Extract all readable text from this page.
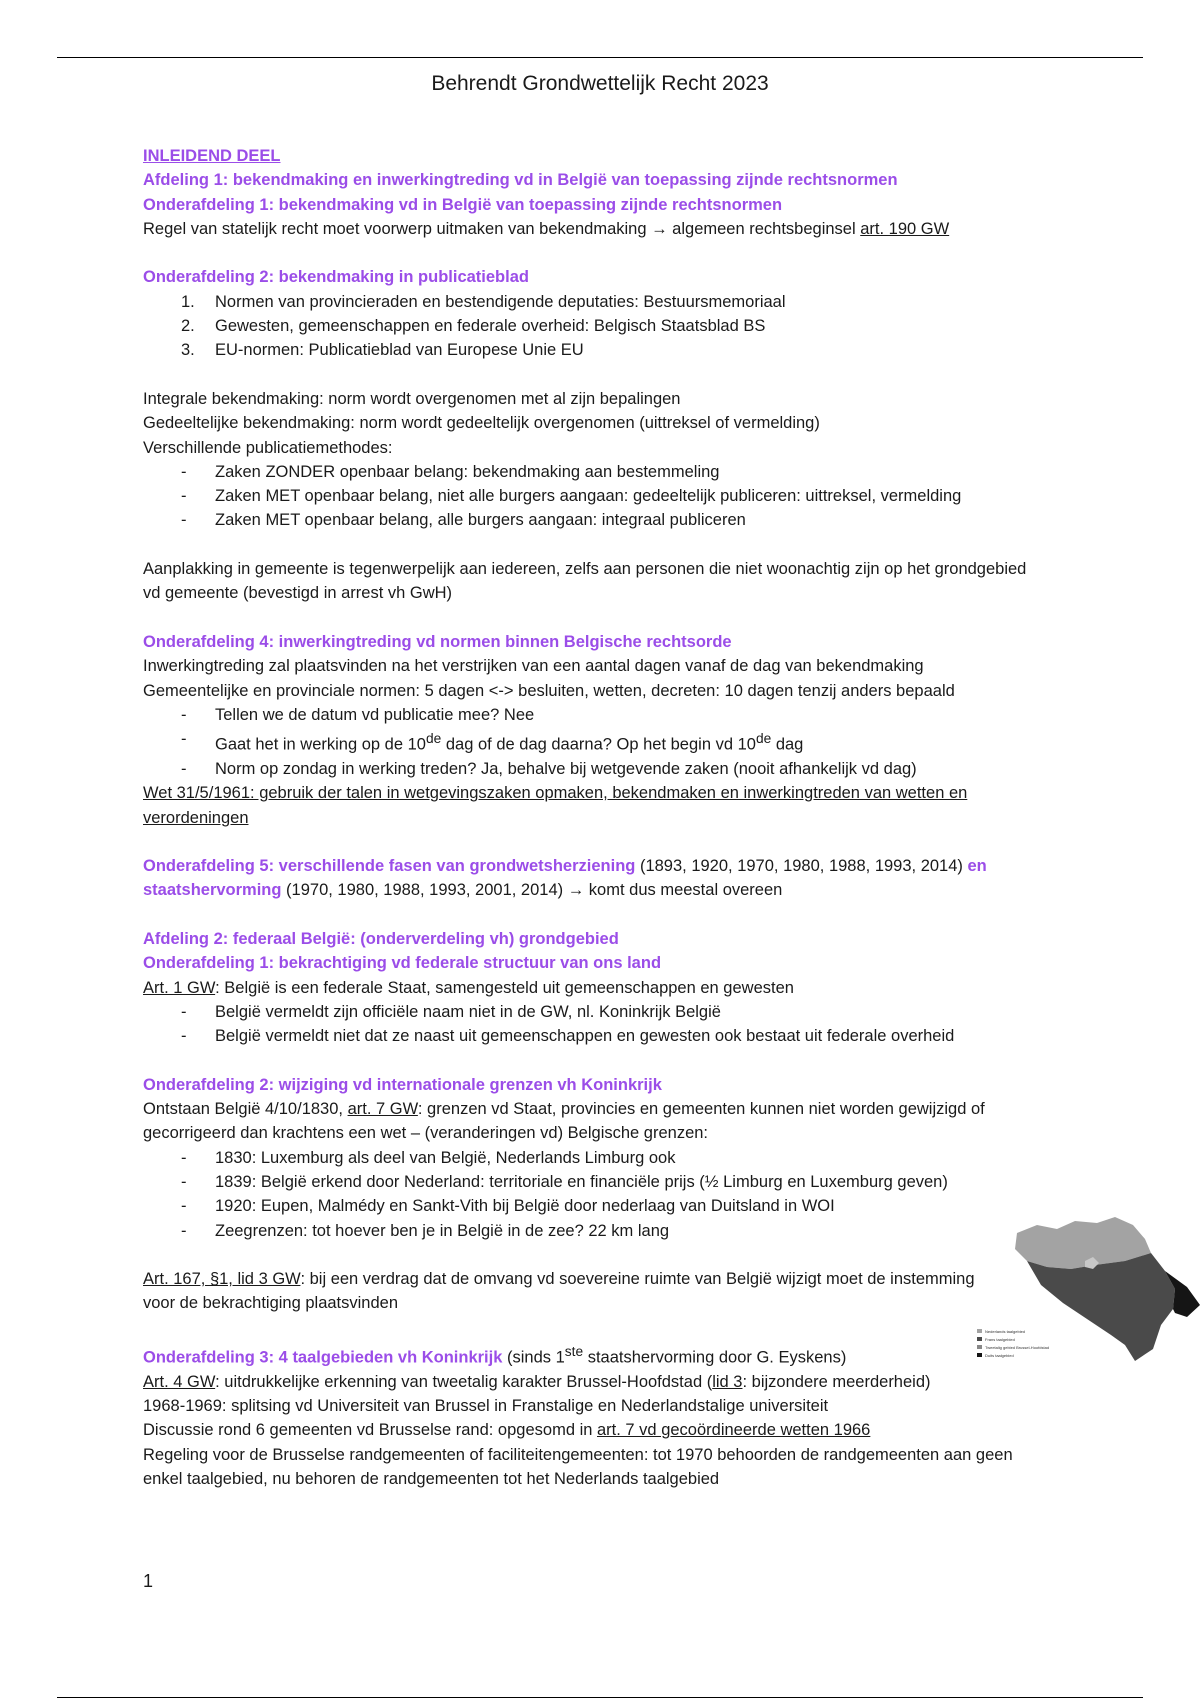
Behrendt Grondwettelijk Recht 2023

INLEIDEND DEEL

Afdeling 1: bekendmaking en inwerkingtreding vd in België van toepassing zijnde rechtsnormen

Onderafdeling 1: bekendmaking vd in België van toepassing zijnde rechtsnormen

Regel van statelijk recht moet voorwerp uitmaken van bekendmaking → algemeen rechtsbeginsel art. 190 GW

Onderafdeling 2: bekendmaking in publicatieblad

1. Normen van provincieraden en bestendigende deputaties: Bestuursmemoriaal
2. Gewesten, gemeenschappen en federale overheid: Belgisch Staatsblad BS
3. EU-normen: Publicatieblad van Europese Unie EU

Integrale bekendmaking: norm wordt overgenomen met al zijn bepalingen

Gedeeltelijke bekendmaking: norm wordt gedeeltelijk overgenomen (uittreksel of vermelding)

Verschillende publicatiemethodes:

- Zaken ZONDER openbaar belang: bekendmaking aan bestemmeling
- Zaken MET openbaar belang, niet alle burgers aangaan: gedeeltelijk publiceren: uittreksel, vermelding
- Zaken MET openbaar belang, alle burgers aangaan: integraal publiceren

Aanplakking in gemeente is tegenwerpelijk aan iedereen, zelfs aan personen die niet woonachtig zijn op het grondgebied vd gemeente (bevestigd in arrest vh GwH)

Onderafdeling 4: inwerkingtreding vd normen binnen Belgische rechtsorde

Inwerkingtreding zal plaatsvinden na het verstrijken van een aantal dagen vanaf de dag van bekendmaking

Gemeentelijke en provinciale normen: 5 dagen <-> besluiten, wetten, decreten: 10 dagen tenzij anders bepaald

- Tellen we de datum vd publicatie mee? Nee
- Gaat het in werking op de 10de dag of de dag daarna? Op het begin vd 10de dag
- Norm op zondag in werking treden? Ja, behalve bij wetgevende zaken (nooit afhankelijk vd dag)

Wet 31/5/1961: gebruik der talen in wetgevingszaken opmaken, bekendmaken en inwerkingtreden van wetten en verordeningen

Onderafdeling 5: verschillende fasen van grondwetsherziening (1893, 1920, 1970, 1980, 1988, 1993, 2014) en staatshervorming (1970, 1980, 1988, 1993, 2001, 2014) → komt dus meestal overeen

Afdeling 2: federaal België: (onderverdeling vh) grondgebied

Onderafdeling 1: bekrachtiging vd federale structuur van ons land

Art. 1 GW: België is een federale Staat, samengesteld uit gemeenschappen en gewesten

- België vermeldt zijn officiële naam niet in de GW, nl. Koninkrijk België
- België vermeldt niet dat ze naast uit gemeenschappen en gewesten ook bestaat uit federale overheid

Onderafdeling 2: wijziging vd internationale grenzen vh Koninkrijk

Ontstaan België 4/10/1830, art. 7 GW: grenzen vd Staat, provincies en gemeenten kunnen niet worden gewijzigd of gecorrigeerd dan krachtens een wet – (veranderingen vd) Belgische grenzen:

- 1830: Luxemburg als deel van België, Nederlands Limburg ook
- 1839: België erkend door Nederland: territoriale en financiële prijs (½ Limburg en Luxemburg geven)
- 1920: Eupen, Malmédy en Sankt-Vith bij België door nederlaag van Duitsland in WOI
- Zeegrenzen: tot hoever ben je in België in de zee? 22 km lang

Art. 167, §1, lid 3 GW: bij een verdrag dat de omvang vd soevereine ruimte van België wijzigt moet de instemming voor de bekrachtiging plaatsvinden

Onderafdeling 3: 4 taalgebieden vh Koninkrijk (sinds 1ste staatshervorming door G. Eyskens)

Art. 4 GW: uitdrukkelijke erkenning van tweetalig karakter Brussel-Hoofdstad (lid 3: bijzondere meerderheid)

1968-1969: splitsing vd Universiteit van Brussel in Franstalige en Nederlandstalige universiteit

Discussie rond 6 gemeenten vd Brusselse rand: opgesomd in art. 7 vd gecoördineerde wetten 1966

Regeling voor de Brusselse randgemeenten of faciliteitengemeenten: tot 1970 behoorden de randgemeenten aan geen enkel taalgebied, nu behoren de randgemeenten tot het Nederlands taalgebied

Nederlands taalgebied
Frans taalgebied
Tweetalig gebied Brussel-Hoofdstad
Duits taalgebied
1
